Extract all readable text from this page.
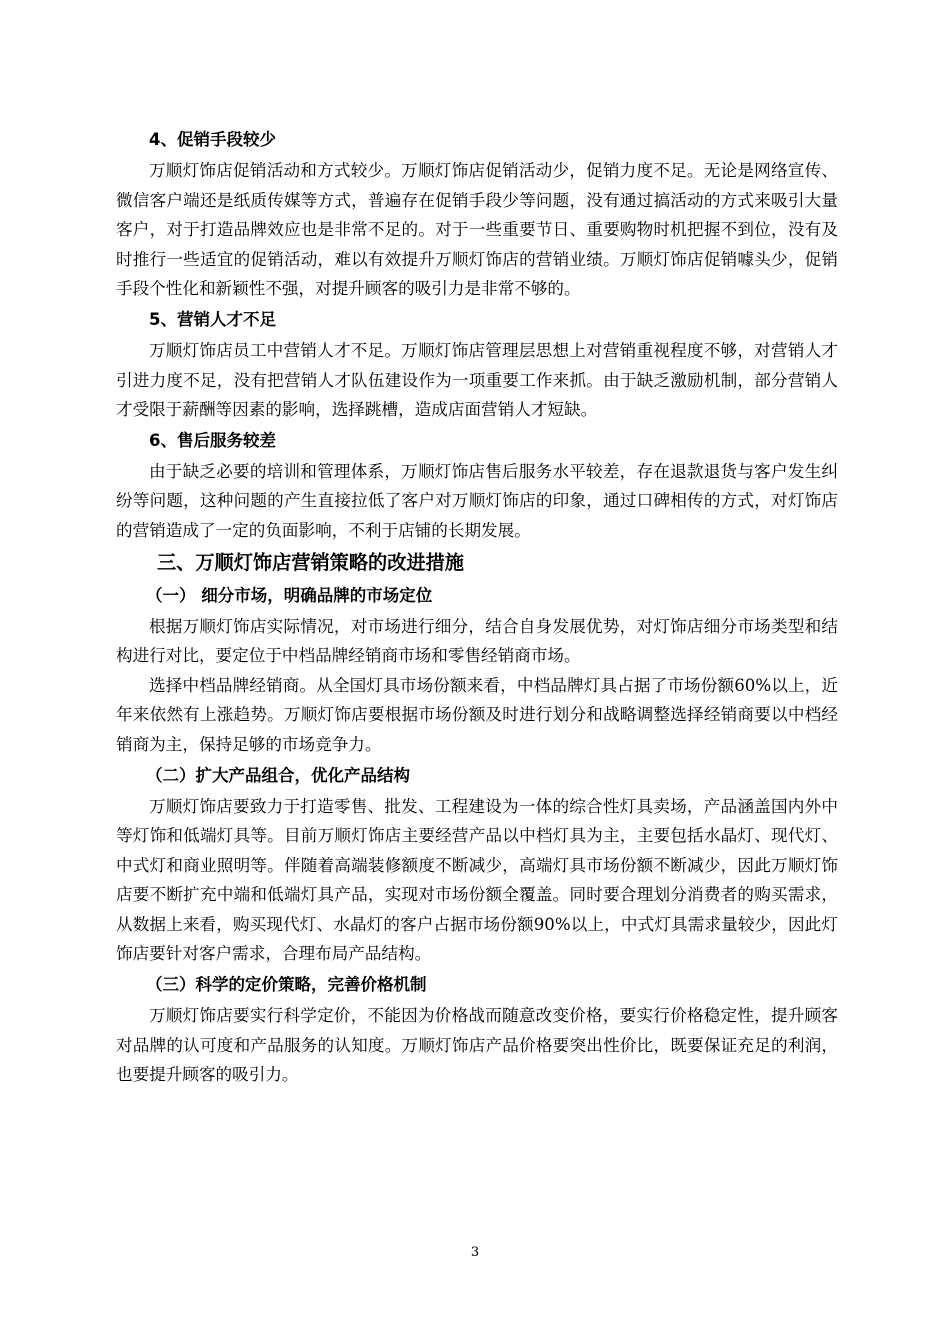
4、促销手段较少

万顺灯饰店促销活动和方式较少。万顺灯饰店促销活动少，促销力度不足。无论是网络宣传、微信客户端还是纸质传媒等方式，普遍存在促销手段少等问题，没有通过搞活动的方式来吸引大量客户，对于打造品牌效应也是非常不足的。对于一些重要节日、重要购物时机把握不到位，没有及时推行一些适宜的促销活动，难以有效提升万顺灯饰店的营销业绩。万顺灯饰店促销噱头少，促销手段个性化和新颖性不强，对提升顾客的吸引力是非常不够的。

5、营销人才不足

万顺灯饰店员工中营销人才不足。万顺灯饰店管理层思想上对营销重视程度不够，对营销人才引进力度不足，没有把营销人才队伍建设作为一项重要工作来抓。由于缺乏激励机制，部分营销人才受限于薪酬等因素的影响，选择跳槽，造成店面营销人才短缺。

6、售后服务较差

由于缺乏必要的培训和管理体系，万顺灯饰店售后服务水平较差，存在退款退货与客户发生纠纷等问题，这种问题的产生直接拉低了客户对万顺灯饰店的印象，通过口碑相传的方式，对灯饰店的营销造成了一定的负面影响，不利于店铺的长期发展。

三、万顺灯饰店营销策略的改进措施
（一） 细分市场，明确品牌的市场定位

根据万顺灯饰店实际情况，对市场进行细分，结合自身发展优势，对灯饰店细分市场类型和结构进行对比，要定位于中档品牌经销商市场和零售经销商市场。

选择中档品牌经销商。从全国灯具市场份额来看，中档品牌灯具占据了市场份额60%以上，近年来依然有上涨趋势。万顺灯饰店要根据市场份额及时进行划分和战略调整选择经销商要以中档经销商为主，保持足够的市场竞争力。

（二）扩大产品组合，优化产品结构

万顺灯饰店要致力于打造零售、批发、工程建设为一体的综合性灯具卖场，产品涵盖国内外中等灯饰和低端灯具等。目前万顺灯饰店主要经营产品以中档灯具为主，主要包括水晶灯、现代灯、中式灯和商业照明等。伴随着高端装修额度不断减少，高端灯具市场份额不断减少，因此万顺灯饰店要不断扩充中端和低端灯具产品，实现对市场份额全覆盖。同时要合理划分消费者的购买需求，从数据上来看，购买现代灯、水晶灯的客户占据市场份额90%以上，中式灯具需求量较少，因此灯饰店要针对客户需求，合理布局产品结构。

（三）科学的定价策略，完善价格机制

万顺灯饰店要实行科学定价，不能因为价格战而随意改变价格，要实行价格稳定性，提升顾客对品牌的认可度和产品服务的认知度。万顺灯饰店产品价格要突出性价比，既要保证充足的利润，也要提升顾客的吸引力。

3
